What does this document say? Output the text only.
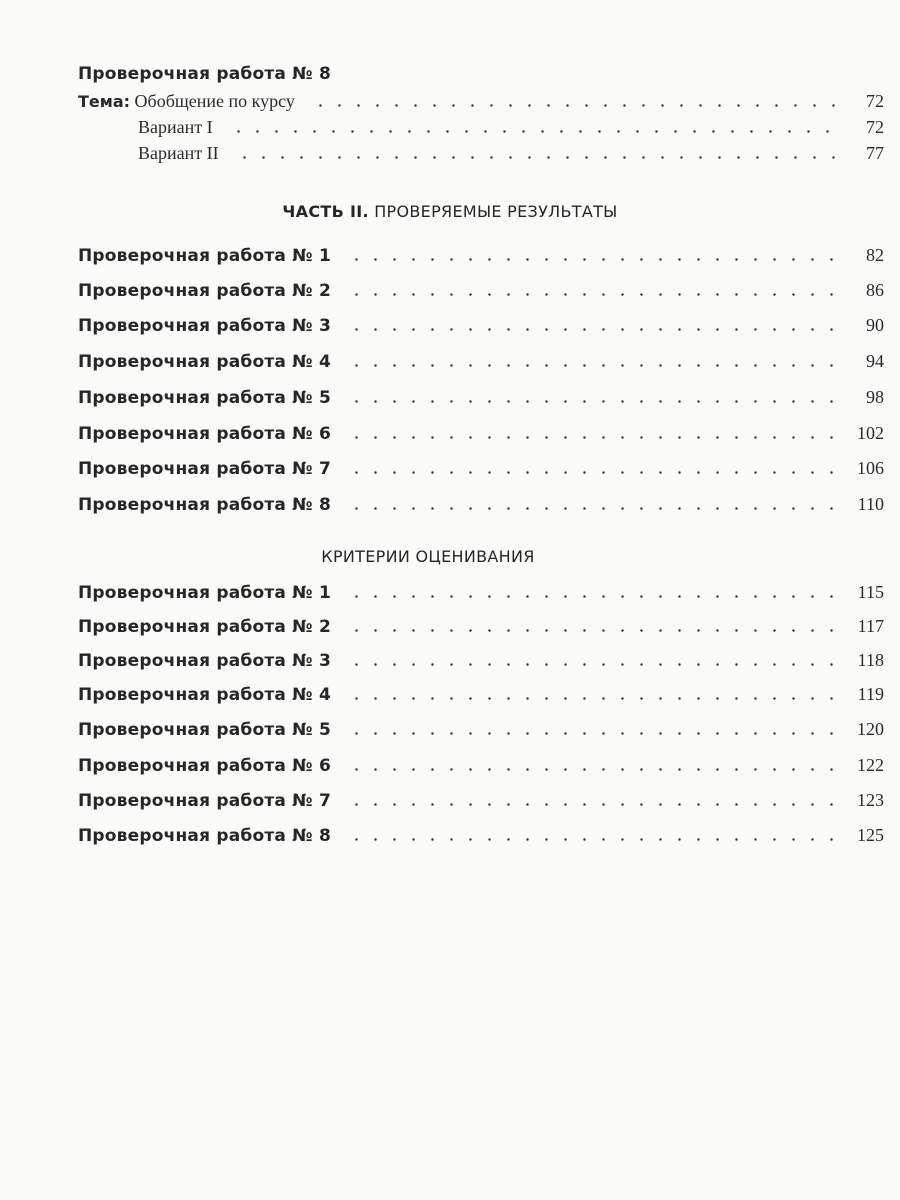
Проверочная работа № 8
Тема: Обобщение по курсу	72
Вариант I	72
Вариант II	77
ЧАСТЬ II. ПРОВЕРЯЕМЫЕ РЕЗУЛЬТАТЫ
Проверочная работа № 1	82
Проверочная работа № 2	86
Проверочная работа № 3	90
Проверочная работа № 4	94
Проверочная работа № 5	98
Проверочная работа № 6	102
Проверочная работа № 7	106
Проверочная работа № 8	110
КРИТЕРИИ ОЦЕНИВАНИЯ
Проверочная работа № 1	115
Проверочная работа № 2	117
Проверочная работа № 3	118
Проверочная работа № 4	119
Проверочная работа № 5	120
Проверочная работа № 6	122
Проверочная работа № 7	123
Проверочная работа № 8	125
